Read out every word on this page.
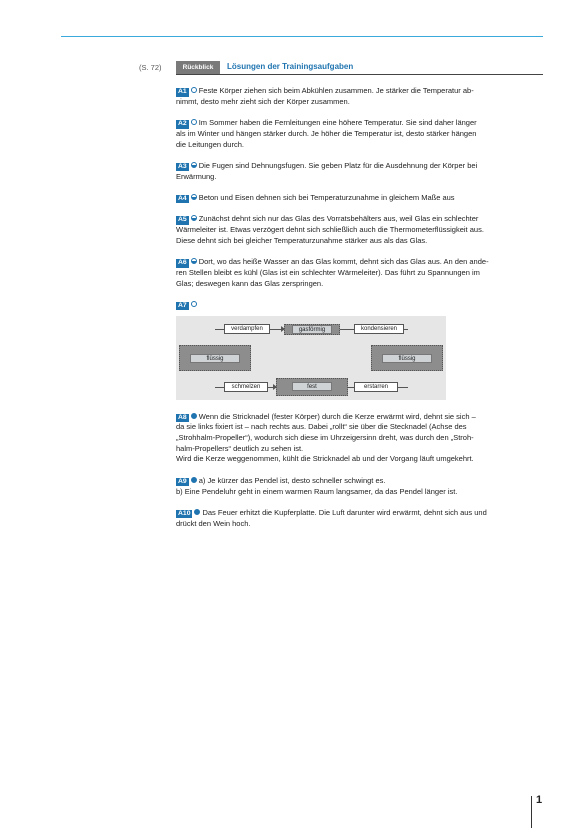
(S. 72)	Rückblick	Lösungen der Trainingsaufgaben
A1 Feste Körper ziehen sich beim Abkühlen zusammen. Je stärker die Temperatur ab-
nimmt, desto mehr zieht sich der Körper zusammen.
A2 Im Sommer haben die Fernleitungen eine höhere Temperatur. Sie sind daher länger
als im Winter und hängen stärker durch. Je höher die Temperatur ist, desto stärker hängen
die Leitungen durch.
A3 Die Fugen sind Dehnungsfugen. Sie geben Platz für die Ausdehnung der Körper bei
Erwärmung.
A4 Beton und Eisen dehnen sich bei Temperaturzunahme in gleichem Maße aus
A5 Zunächst dehnt sich nur das Glas des Vorratsbehälters aus, weil Glas ein schlechter
Wärmeleiter ist. Etwas verzögert dehnt sich schließlich auch die Thermometerflüssigkeit aus.
Diese dehnt sich bei gleicher Temperaturzunahme stärker aus als das Glas.
A6 Dort, wo das heiße Wasser an das Glas kommt, dehnt sich das Glas aus. An den ande-
ren Stellen bleibt es kühl (Glas ist ein schlechter Wärmeleiter). Das führt zu Spannungen im
Glas; deswegen kann das Glas zerspringen.
A7
gasförmig
verdampfen	kondensieren
flüssig	flüssig
fest
schmelzen	erstarren
A8 Wenn die Stricknadel (fester Körper) durch die Kerze erwärmt wird, dehnt sie sich –
da sie links fixiert ist – nach rechts aus. Dabei „rollt“ sie über die Stecknadel (Achse des
„Strohhalm-Propeller“), wodurch sich diese im Uhrzeigersinn dreht, was durch den „Stroh-
halm-Propellers“ deutlich zu sehen ist.
Wird die Kerze weggenommen, kühlt die Stricknadel ab und der Vorgang läuft umgekehrt.
A9 a) Je kürzer das Pendel ist, desto schneller schwingt es.
b) Eine Pendeluhr geht in einem warmen Raum langsamer, da das Pendel länger ist.
A10 Das Feuer erhitzt die Kupferplatte. Die Luft darunter wird erwärmt, dehnt sich aus und
drückt den Wein hoch.
1
